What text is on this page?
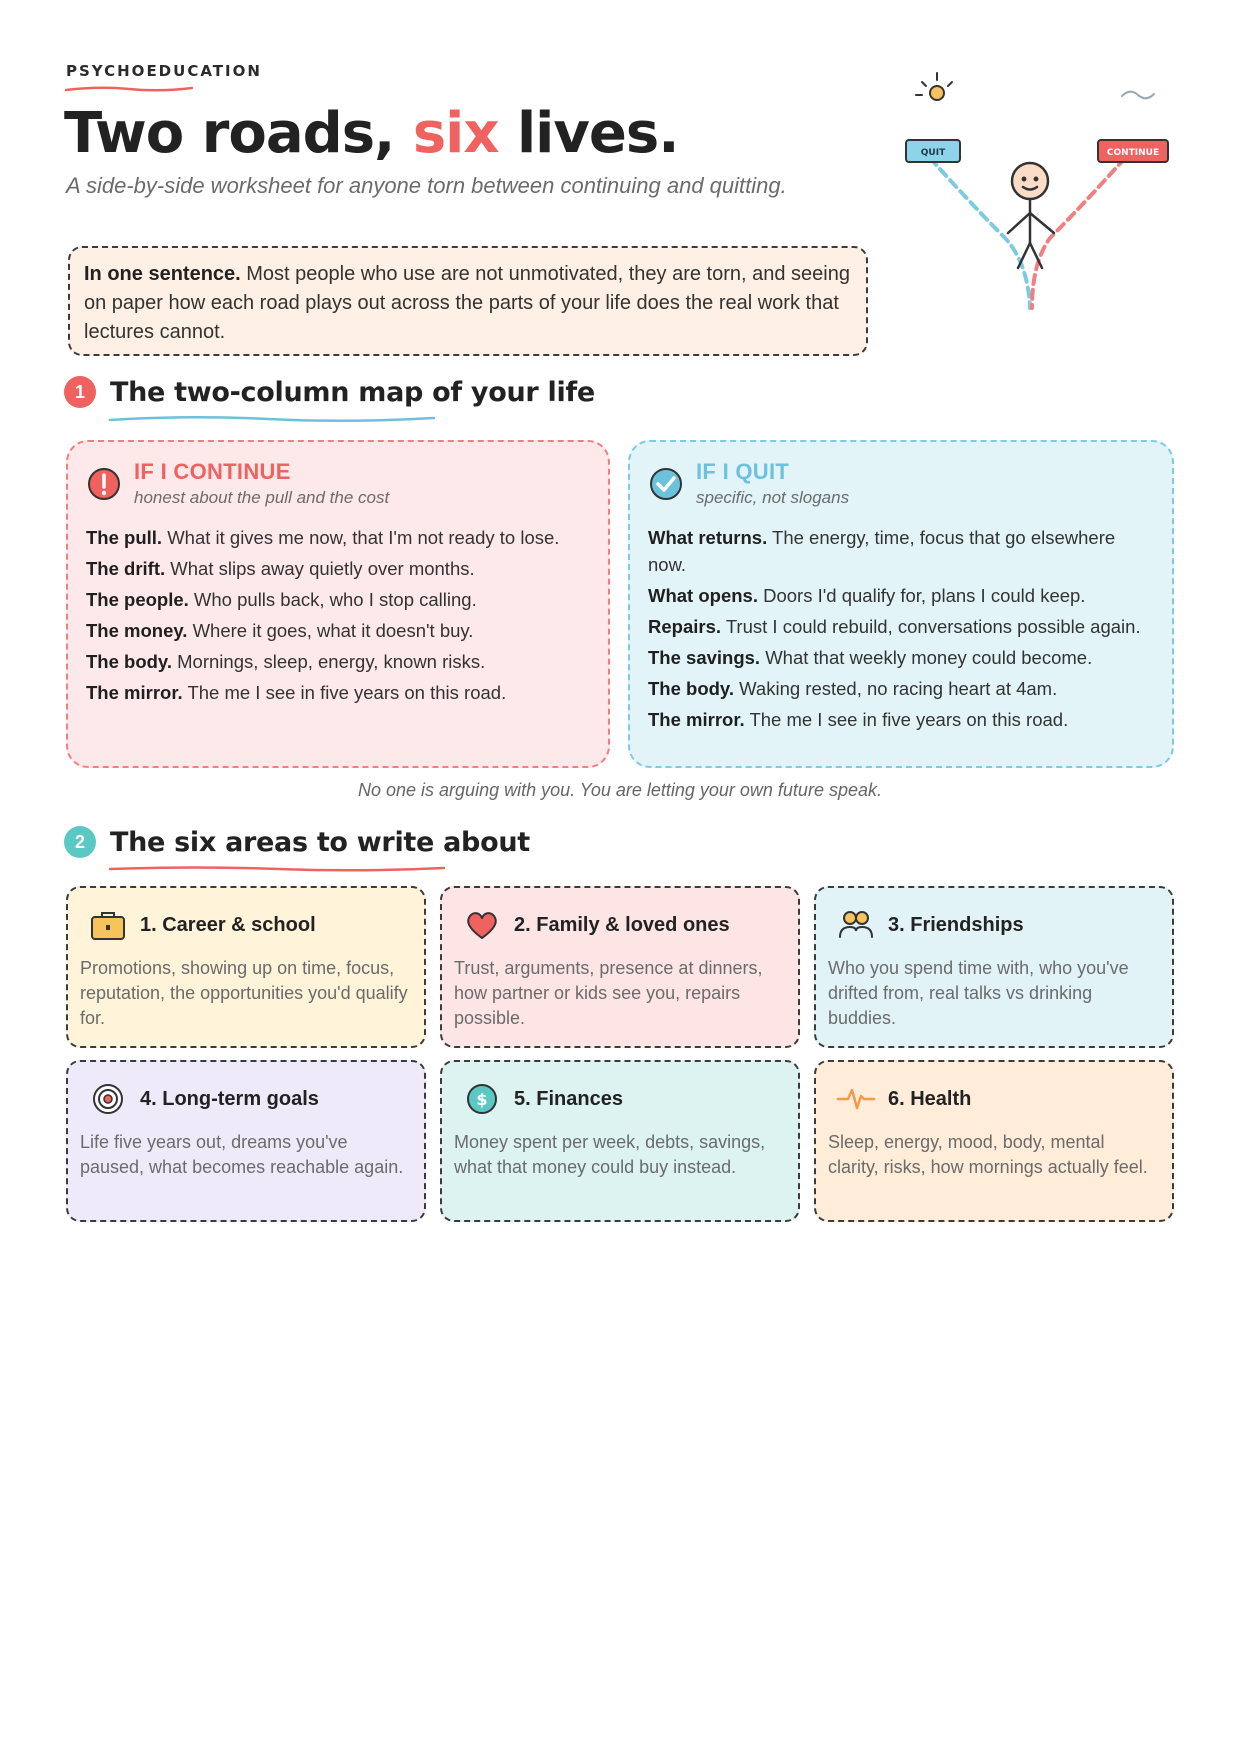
PSYCHOEDUCATION
Two roads, six lives.
A side-by-side worksheet for anyone torn between continuing and quitting.
In one sentence. Most people who use are not unmotivated, they are torn, and seeing on paper how each road plays out across the parts of your life does the real work that lectures cannot.
QUIT	CONTINUE
1 The two-column map of your life
IF I CONTINUE
honest about the pull and the cost
The pull. What it gives me now, that I'm not ready to lose.
The drift. What slips away quietly over months.
The people. Who pulls back, who I stop calling.
The money. Where it goes, what it doesn't buy.
The body. Mornings, sleep, energy, known risks.
The mirror. The me I see in five years on this road.
IF I QUIT
specific, not slogans
What returns. The energy, time, focus that go elsewhere now.
What opens. Doors I'd qualify for, plans I could keep.
Repairs. Trust I could rebuild, conversations possible again.
The savings. What that weekly money could become.
The body. Waking rested, no racing heart at 4am.
The mirror. The me I see in five years on this road.
No one is arguing with you. You are letting your own future speak.
2 The six areas to write about
1. Career & school
Promotions, showing up on time, focus, reputation, the opportunities you'd qualify for.
2. Family & loved ones
Trust, arguments, presence at dinners, how partner or kids see you, repairs possible.
3. Friendships
Who you spend time with, who you've drifted from, real talks vs drinking buddies.
4. Long-term goals
Life five years out, dreams you've paused, what becomes reachable again.
$ 5. Finances
Money spent per week, debts, savings, what that money could buy instead.
6. Health
Sleep, energy, mood, body, mental clarity, risks, how mornings actually feel.
